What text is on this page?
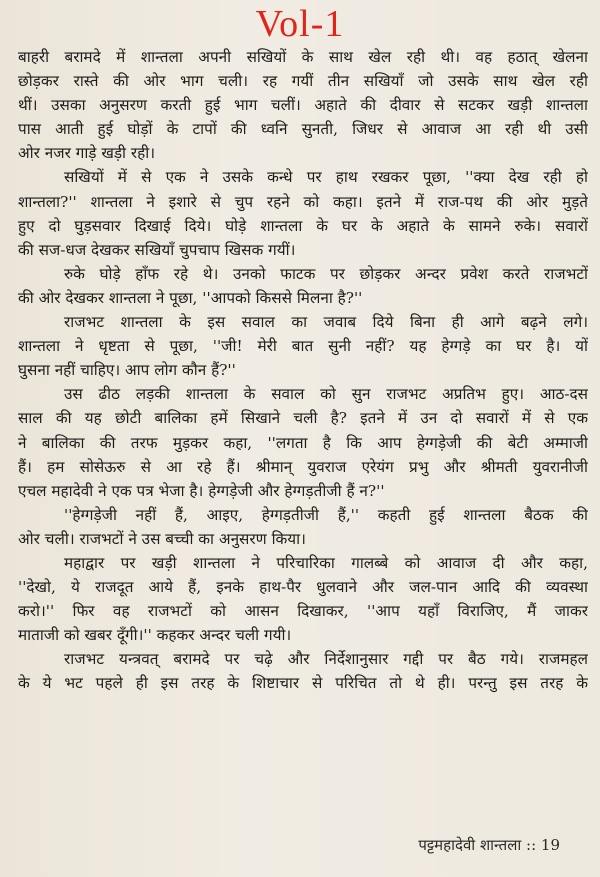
Vol-1
बाहरी बरामदे में शान्तला अपनी सखियों के साथ खेल रही थी। वह हठात् खेलना
छोड़कर रास्ते की ओर भाग चली। रह गयीं तीन सखियाँ जो उसके साथ खेल रही
थीं। उसका अनुसरण करती हुई भाग चलीं। अहाते की दीवार से सटकर खड़ी शान्तला
पास आती हुई घोड़ों के टापों की ध्वनि सुनती, जिधर से आवाज आ रही थी उसी
ओर नजर गाड़े खड़ी रही।
सखियों में से एक ने उसके कन्धे पर हाथ रखकर पूछा, ''क्या देख रही हो
शान्तला?'' शान्तला ने इशारे से चुप रहने को कहा। इतने में राज-पथ की ओर मुड़ते
हुए दो घुड़सवार दिखाई दिये। घोड़े शान्तला के घर के अहाते के सामने रुके। सवारों
की सज-धज देखकर सखियाँ चुपचाप खिसक गयीं।
रुके घोड़े हाँफ रहे थे। उनको फाटक पर छोड़कर अन्दर प्रवेश करते राजभटों
की ओर देखकर शान्तला ने पूछा, ''आपको किससे मिलना है?''
राजभट शान्तला के इस सवाल का जवाब दिये बिना ही आगे बढ़ने लगे।
शान्तला ने धृष्टता से पूछा, ''जी! मेरी बात सुनी नहीं? यह हेग्गड़े का घर है। यों
घुसना नहीं चाहिए। आप लोग कौन हैं?''
उस ढीठ लड़की शान्तला के सवाल को सुन राजभट अप्रतिभ हुए। आठ-दस
साल की यह छोटी बालिका हमें सिखाने चली है? इतने में उन दो सवारों में से एक
ने बालिका की तरफ मुड़कर कहा, ''लगता है कि आप हेग्गड़ेजी की बेटी अम्माजी
हैं। हम सोसेऊरु से आ रहे हैं। श्रीमान् युवराज एरेयंग प्रभु और श्रीमती युवरानीजी
एचल महादेवी ने एक पत्र भेजा है। हेग्गड़ेजी और हेग्गड़तीजी हैं न?''
''हेग्गड़ेजी नहीं हैं, आइए, हेग्गड़तीजी हैं,'' कहती हुई शान्तला बैठक की
ओर चली। राजभटों ने उस बच्ची का अनुसरण किया।
महाद्वार पर खड़ी शान्तला ने परिचारिका गालब्बे को आवाज दी और कहा,
''देखो, ये राजदूत आये हैं, इनके हाथ-पैर धुलवाने और जल-पान आदि की व्यवस्था
करो।'' फिर वह राजभटों को आसन दिखाकर, ''आप यहाँ विराजिए, मैं जाकर
माताजी को खबर दूँगी।'' कहकर अन्दर चली गयी।
राजभट यन्त्रवत् बरामदे पर चढ़े और निर्देशानुसार गद्दी पर बैठ गये। राजमहल
के ये भट पहले ही इस तरह के शिष्टाचार से परिचित तो थे ही। परन्तु इस तरह के
पट्टमहादेवी शान्तला :: 19
